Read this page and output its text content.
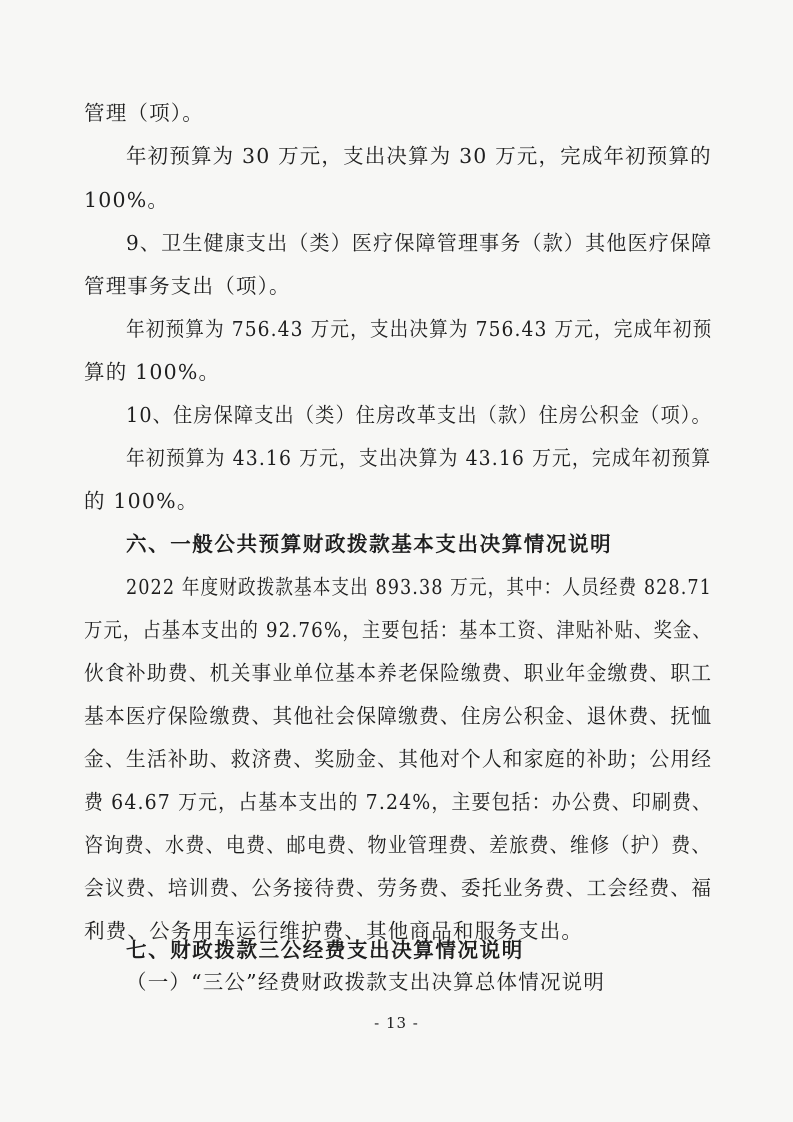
管理（项）。
年初预算为 30 万元，支出决算为 30 万元，完成年初预算的
100%。
9、卫生健康支出（类）医疗保障管理事务（款）其他医疗保障
管理事务支出（项）。
年初预算为 756.43 万元，支出决算为 756.43 万元，完成年初预
算的 100%。
10、住房保障支出（类）住房改革支出（款）住房公积金（项）。
年初预算为 43.16 万元，支出决算为 43.16 万元，完成年初预算
的 100%。
六、一般公共预算财政拨款基本支出决算情况说明
2022 年度财政拨款基本支出 893.38 万元，其中：人员经费 828.71
万元，占基本支出的 92.76%，主要包括：基本工资、津贴补贴、奖金、
伙食补助费、机关事业单位基本养老保险缴费、职业年金缴费、职工
基本医疗保险缴费、其他社会保障缴费、住房公积金、退休费、抚恤
金、生活补助、救济费、奖励金、其他对个人和家庭的补助；公用经
费 64.67 万元，占基本支出的 7.24%，主要包括：办公费、印刷费、
咨询费、水费、电费、邮电费、物业管理费、差旅费、维修（护）费、
会议费、培训费、公务接待费、劳务费、委托业务费、工会经费、福
利费、公务用车运行维护费、其他商品和服务支出。
七、财政拨款三公经费支出决算情况说明
（一）“三公”经费财政拨款支出决算总体情况说明
- 13 -
